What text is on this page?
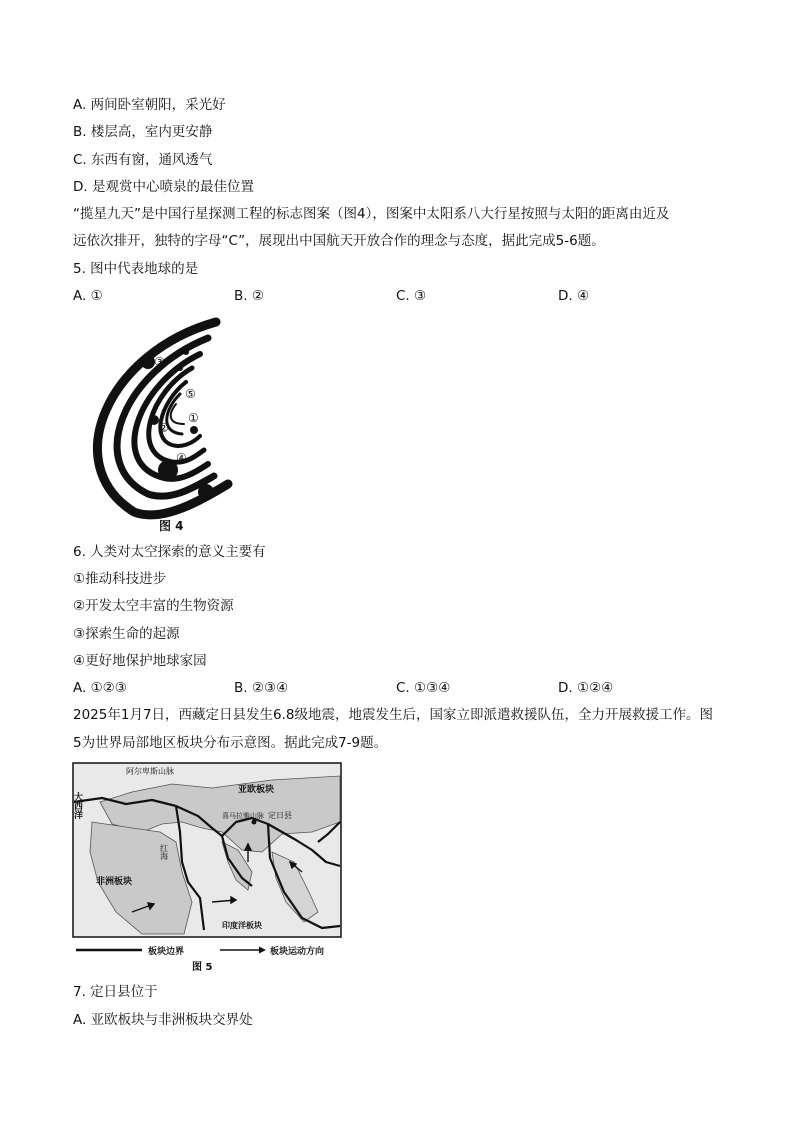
A. 两间卧室朝阳，采光好
B. 楼层高，室内更安静
C. 东西有窗，通风透气
D. 是观赏中心喷泉的最佳位置
“揽星九天”是中国行星探测工程的标志图案（图4），图案中太阳系八大行星按照与太阳的距离由近及
远依次排开，独特的字母“C”，展现出中国航天开放合作的理念与态度，据此完成5-6题。
5. 图中代表地球的是
A. ①	B. ②	C. ③	D. ④
③
⑤
①
②
④
图 4
6. 人类对太空探索的意义主要有
①推动科技进步
②开发太空丰富的生物资源
③探索生命的起源
④更好地保护地球家园
A. ①②③	B. ②③④	C. ①③④	D. ①②④
2025年1月7日，西藏定日县发生6.8级地震，地震发生后，国家立即派遣救援队伍，全力开展救援工作。图
5为世界局部地区板块分布示意图。据此完成7-9题。
阿尔卑斯山脉
大西洋
亚欧板块
定日县
喜马拉雅山脉
红海
非洲板块
印度洋板块
板块边界	板块运动方向
图 5
7. 定日县位于
A. 亚欧板块与非洲板块交界处
